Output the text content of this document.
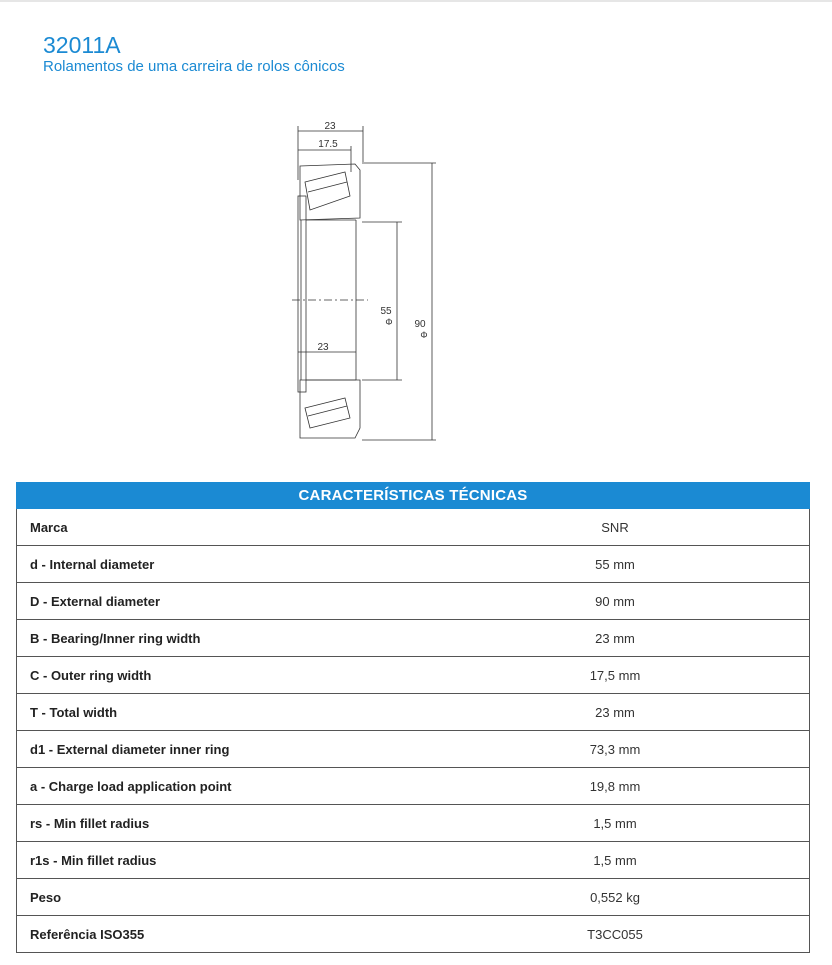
32011A

Rolamentos de uma carreira de rolos cônicos

23
17.5
23
55
Φ 90
Φ
CARACTERÍSTICAS TÉCNICAS
Marca	SNR
d - Internal diameter	55 mm
D - External diameter	90 mm
B - Bearing/Inner ring width	23 mm
C - Outer ring width	17,5 mm
T - Total width	23 mm
d1 - External diameter inner ring	73,3 mm
a - Charge load application point	19,8 mm
rs - Min fillet radius	1,5 mm
r1s - Min fillet radius	1,5 mm
Peso	0,552 kg
Referência ISO355	T3CC055
